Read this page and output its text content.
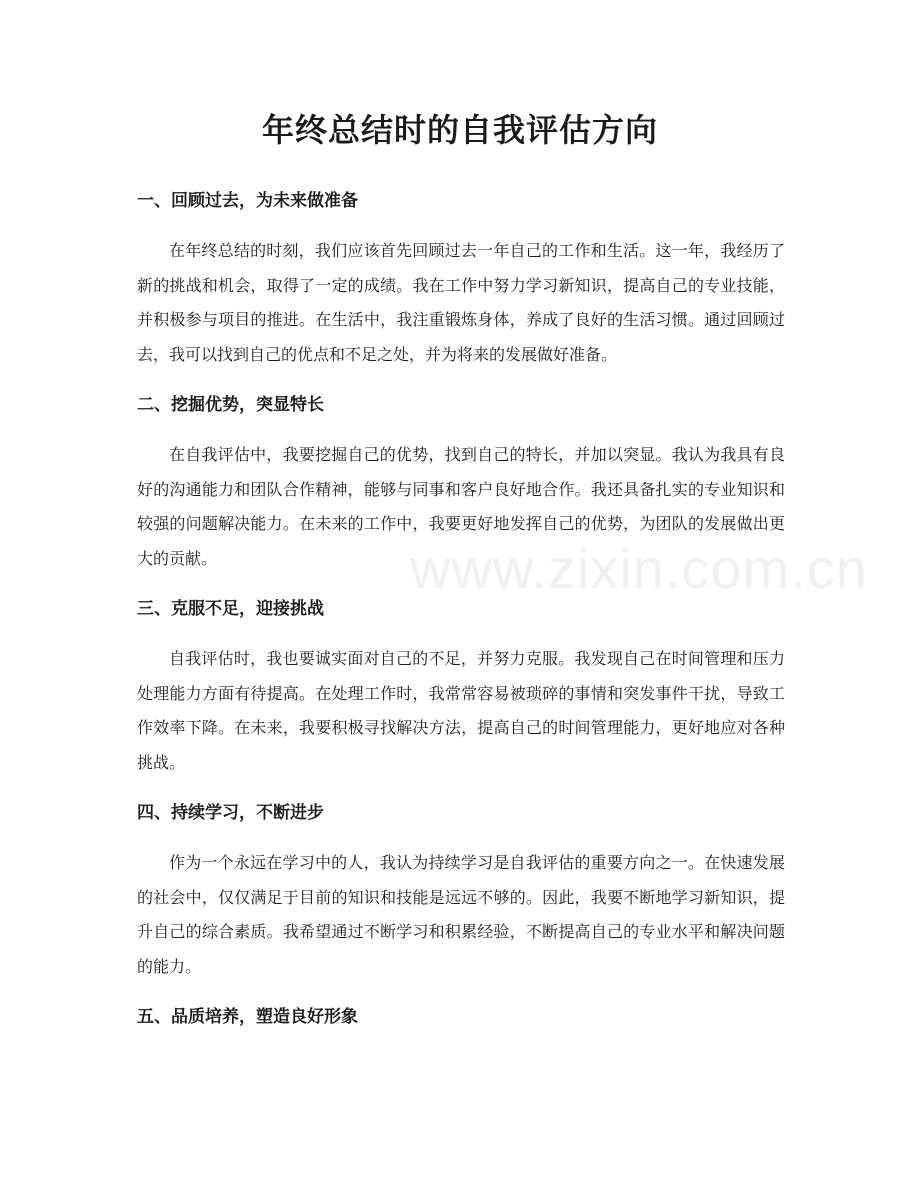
年终总结时的自我评估方向
www.zixin.com.cn
一、回顾过去，为未来做准备

在年终总结的时刻，我们应该首先回顾过去一年自己的工作和生活。这一年，我经历了新的挑战和机会，取得了一定的成绩。我在工作中努力学习新知识，提高自己的专业技能，并积极参与项目的推进。在生活中，我注重锻炼身体，养成了良好的生活习惯。通过回顾过去，我可以找到自己的优点和不足之处，并为将来的发展做好准备。

二、挖掘优势，突显特长

在自我评估中，我要挖掘自己的优势，找到自己的特长，并加以突显。我认为我具有良好的沟通能力和团队合作精神，能够与同事和客户良好地合作。我还具备扎实的专业知识和较强的问题解决能力。在未来的工作中，我要更好地发挥自己的优势，为团队的发展做出更大的贡献。

三、克服不足，迎接挑战

自我评估时，我也要诚实面对自己的不足，并努力克服。我发现自己在时间管理和压力处理能力方面有待提高。在处理工作时，我常常容易被琐碎的事情和突发事件干扰，导致工作效率下降。在未来，我要积极寻找解决方法，提高自己的时间管理能力，更好地应对各种挑战。

四、持续学习，不断进步

作为一个永远在学习中的人，我认为持续学习是自我评估的重要方向之一。在快速发展的社会中，仅仅满足于目前的知识和技能是远远不够的。因此，我要不断地学习新知识，提升自己的综合素质。我希望通过不断学习和积累经验，不断提高自己的专业水平和解决问题的能力。

五、品质培养，塑造良好形象
